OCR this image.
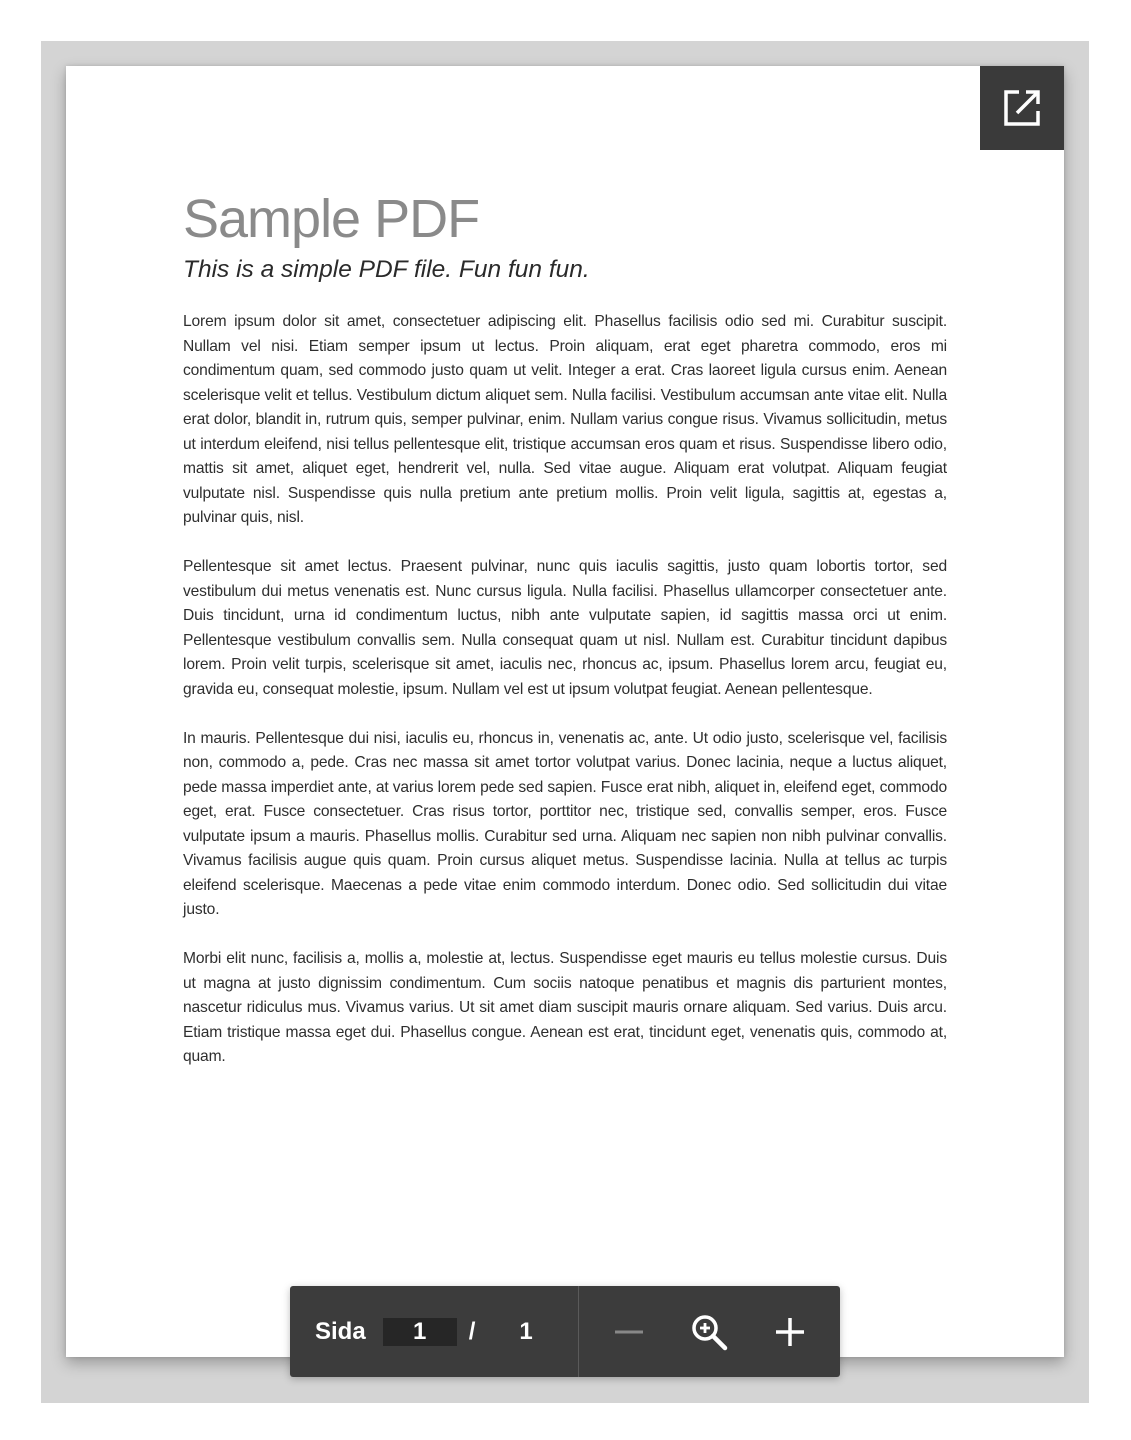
Sample PDF
This is a simple PDF file. Fun fun fun.

Lorem ipsum dolor sit amet, consectetuer adipiscing elit. Phasellus facilisis odio sed mi. Curabitur suscipit. Nullam vel nisi. Etiam semper ipsum ut lectus. Proin aliquam, erat eget pharetra commodo, eros mi condimentum quam, sed commodo justo quam ut velit. Integer a erat. Cras laoreet ligula cursus enim. Aenean scelerisque velit et tellus. Vestibulum dictum aliquet sem. Nulla facilisi. Vestibulum accumsan ante vitae elit. Nulla erat dolor, blandit in, rutrum quis, semper pulvinar, enim. Nullam varius congue risus. Vivamus sollicitudin, metus ut interdum eleifend, nisi tellus pellentesque elit, tristique accumsan eros quam et risus. Suspendisse libero odio, mattis sit amet, aliquet eget, hendrerit vel, nulla. Sed vitae augue. Aliquam erat volutpat. Aliquam feugiat vulputate nisl. Suspendisse quis nulla pretium ante pretium mollis. Proin velit ligula, sagittis at, egestas a, pulvinar quis, nisl.

Pellentesque sit amet lectus. Praesent pulvinar, nunc quis iaculis sagittis, justo quam lobortis tortor, sed vestibulum dui metus venenatis est. Nunc cursus ligula. Nulla facilisi. Phasellus ullamcorper consectetuer ante. Duis tincidunt, urna id condimentum luctus, nibh ante vulputate sapien, id sagittis massa orci ut enim. Pellentesque vestibulum convallis sem. Nulla consequat quam ut nisl. Nullam est. Curabitur tincidunt dapibus lorem. Proin velit turpis, scelerisque sit amet, iaculis nec, rhoncus ac, ipsum. Phasellus lorem arcu, feugiat eu, gravida eu, consequat molestie, ipsum. Nullam vel est ut ipsum volutpat feugiat. Aenean pellentesque.

In mauris. Pellentesque dui nisi, iaculis eu, rhoncus in, venenatis ac, ante. Ut odio justo, scelerisque vel, facilisis non, commodo a, pede. Cras nec massa sit amet tortor volutpat varius. Donec lacinia, neque a luctus aliquet, pede massa imperdiet ante, at varius lorem pede sed sapien. Fusce erat nibh, aliquet in, eleifend eget, commodo eget, erat. Fusce consectetuer. Cras risus tortor, porttitor nec, tristique sed, convallis semper, eros. Fusce vulputate ipsum a mauris. Phasellus mollis. Curabitur sed urna. Aliquam nec sapien non nibh pulvinar convallis. Vivamus facilisis augue quis quam. Proin cursus aliquet metus. Suspendisse lacinia. Nulla at tellus ac turpis eleifend scelerisque. Maecenas a pede vitae enim commodo interdum. Donec odio. Sed sollicitudin dui vitae justo.

Morbi elit nunc, facilisis a, mollis a, molestie at, lectus. Suspendisse eget mauris eu tellus molestie cursus. Duis ut magna at justo dignissim condimentum. Cum sociis natoque penatibus et magnis dis parturient montes, nascetur ridiculus mus. Vivamus varius. Ut sit amet diam suscipit mauris ornare aliquam. Sed varius. Duis arcu. Etiam tristique massa eget dui. Phasellus congue. Aenean est erat, tincidunt eget, venenatis quis, commodo at, quam.

Sida
1	/ 1
